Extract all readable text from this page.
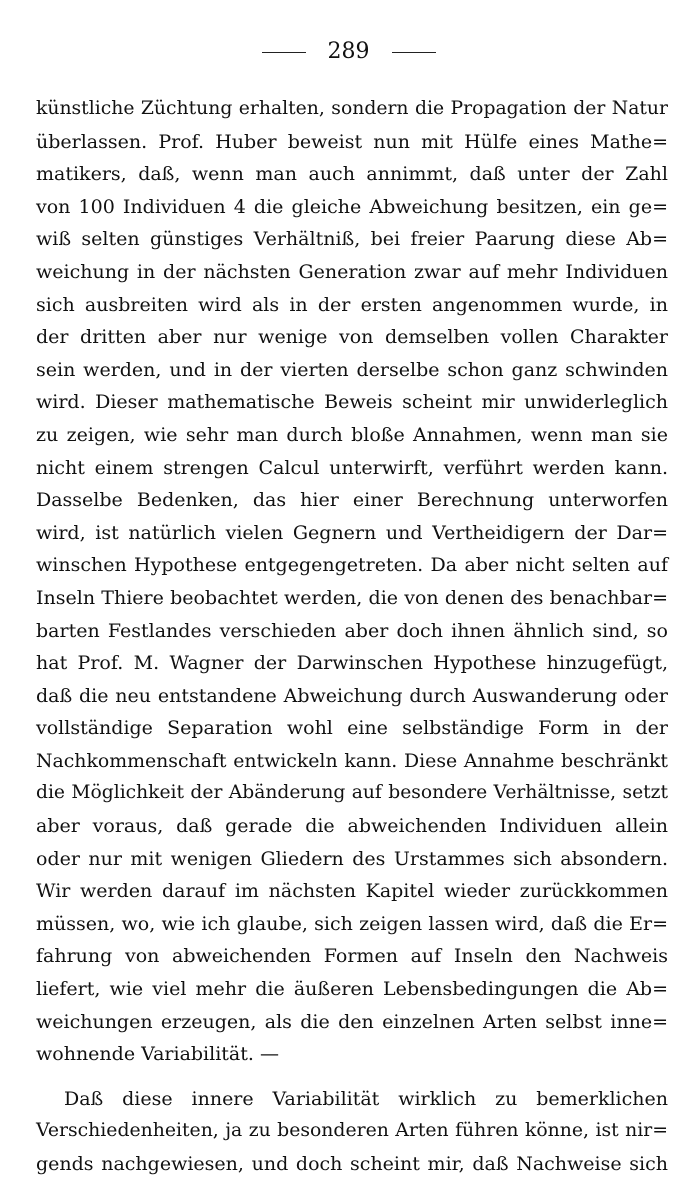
289
künstliche Züchtung erhalten, sondern die Propagation der Natur
überlassen. Prof. Huber beweist nun mit Hülfe eines Mathe=
matikers, daß, wenn man auch annimmt, daß unter der Zahl
von 100 Individuen 4 die gleiche Abweichung besitzen, ein ge=
wiß selten günstiges Verhältniß, bei freier Paarung diese Ab=
weichung in der nächsten Generation zwar auf mehr Individuen
sich ausbreiten wird als in der ersten angenommen wurde, in
der dritten aber nur wenige von demselben vollen Charakter
sein werden, und in der vierten derselbe schon ganz schwinden
wird. Dieser mathematische Beweis scheint mir unwiderleglich
zu zeigen, wie sehr man durch bloße Annahmen, wenn man sie
nicht einem strengen Calcul unterwirft, verführt werden kann.
Dasselbe Bedenken, das hier einer Berechnung unterworfen
wird, ist natürlich vielen Gegnern und Vertheidigern der Dar=
winschen Hypothese entgegengetreten. Da aber nicht selten auf
Inseln Thiere beobachtet werden, die von denen des benachbar=
barten Festlandes verschieden aber doch ihnen ähnlich sind, so
hat Prof. M. Wagner der Darwinschen Hypothese hinzugefügt,
daß die neu entstandene Abweichung durch Auswanderung oder
vollständige Separation wohl eine selbständige Form in der
Nachkommenschaft entwickeln kann. Diese Annahme beschränkt
die Möglichkeit der Abänderung auf besondere Verhältnisse, setzt
aber voraus, daß gerade die abweichenden Individuen allein
oder nur mit wenigen Gliedern des Urstammes sich absondern.
Wir werden darauf im nächsten Kapitel wieder zurückkommen
müssen, wo, wie ich glaube, sich zeigen lassen wird, daß die Er=
fahrung von abweichenden Formen auf Inseln den Nachweis
liefert, wie viel mehr die äußeren Lebensbedingungen die Ab=
weichungen erzeugen, als die den einzelnen Arten selbst inne=
wohnende Variabilität. —
Daß diese innere Variabilität wirklich zu bemerklichen
Verschiedenheiten, ja zu besonderen Arten führen könne, ist nir=
gends nachgewiesen, und doch scheint mir, daß Nachweise sich
